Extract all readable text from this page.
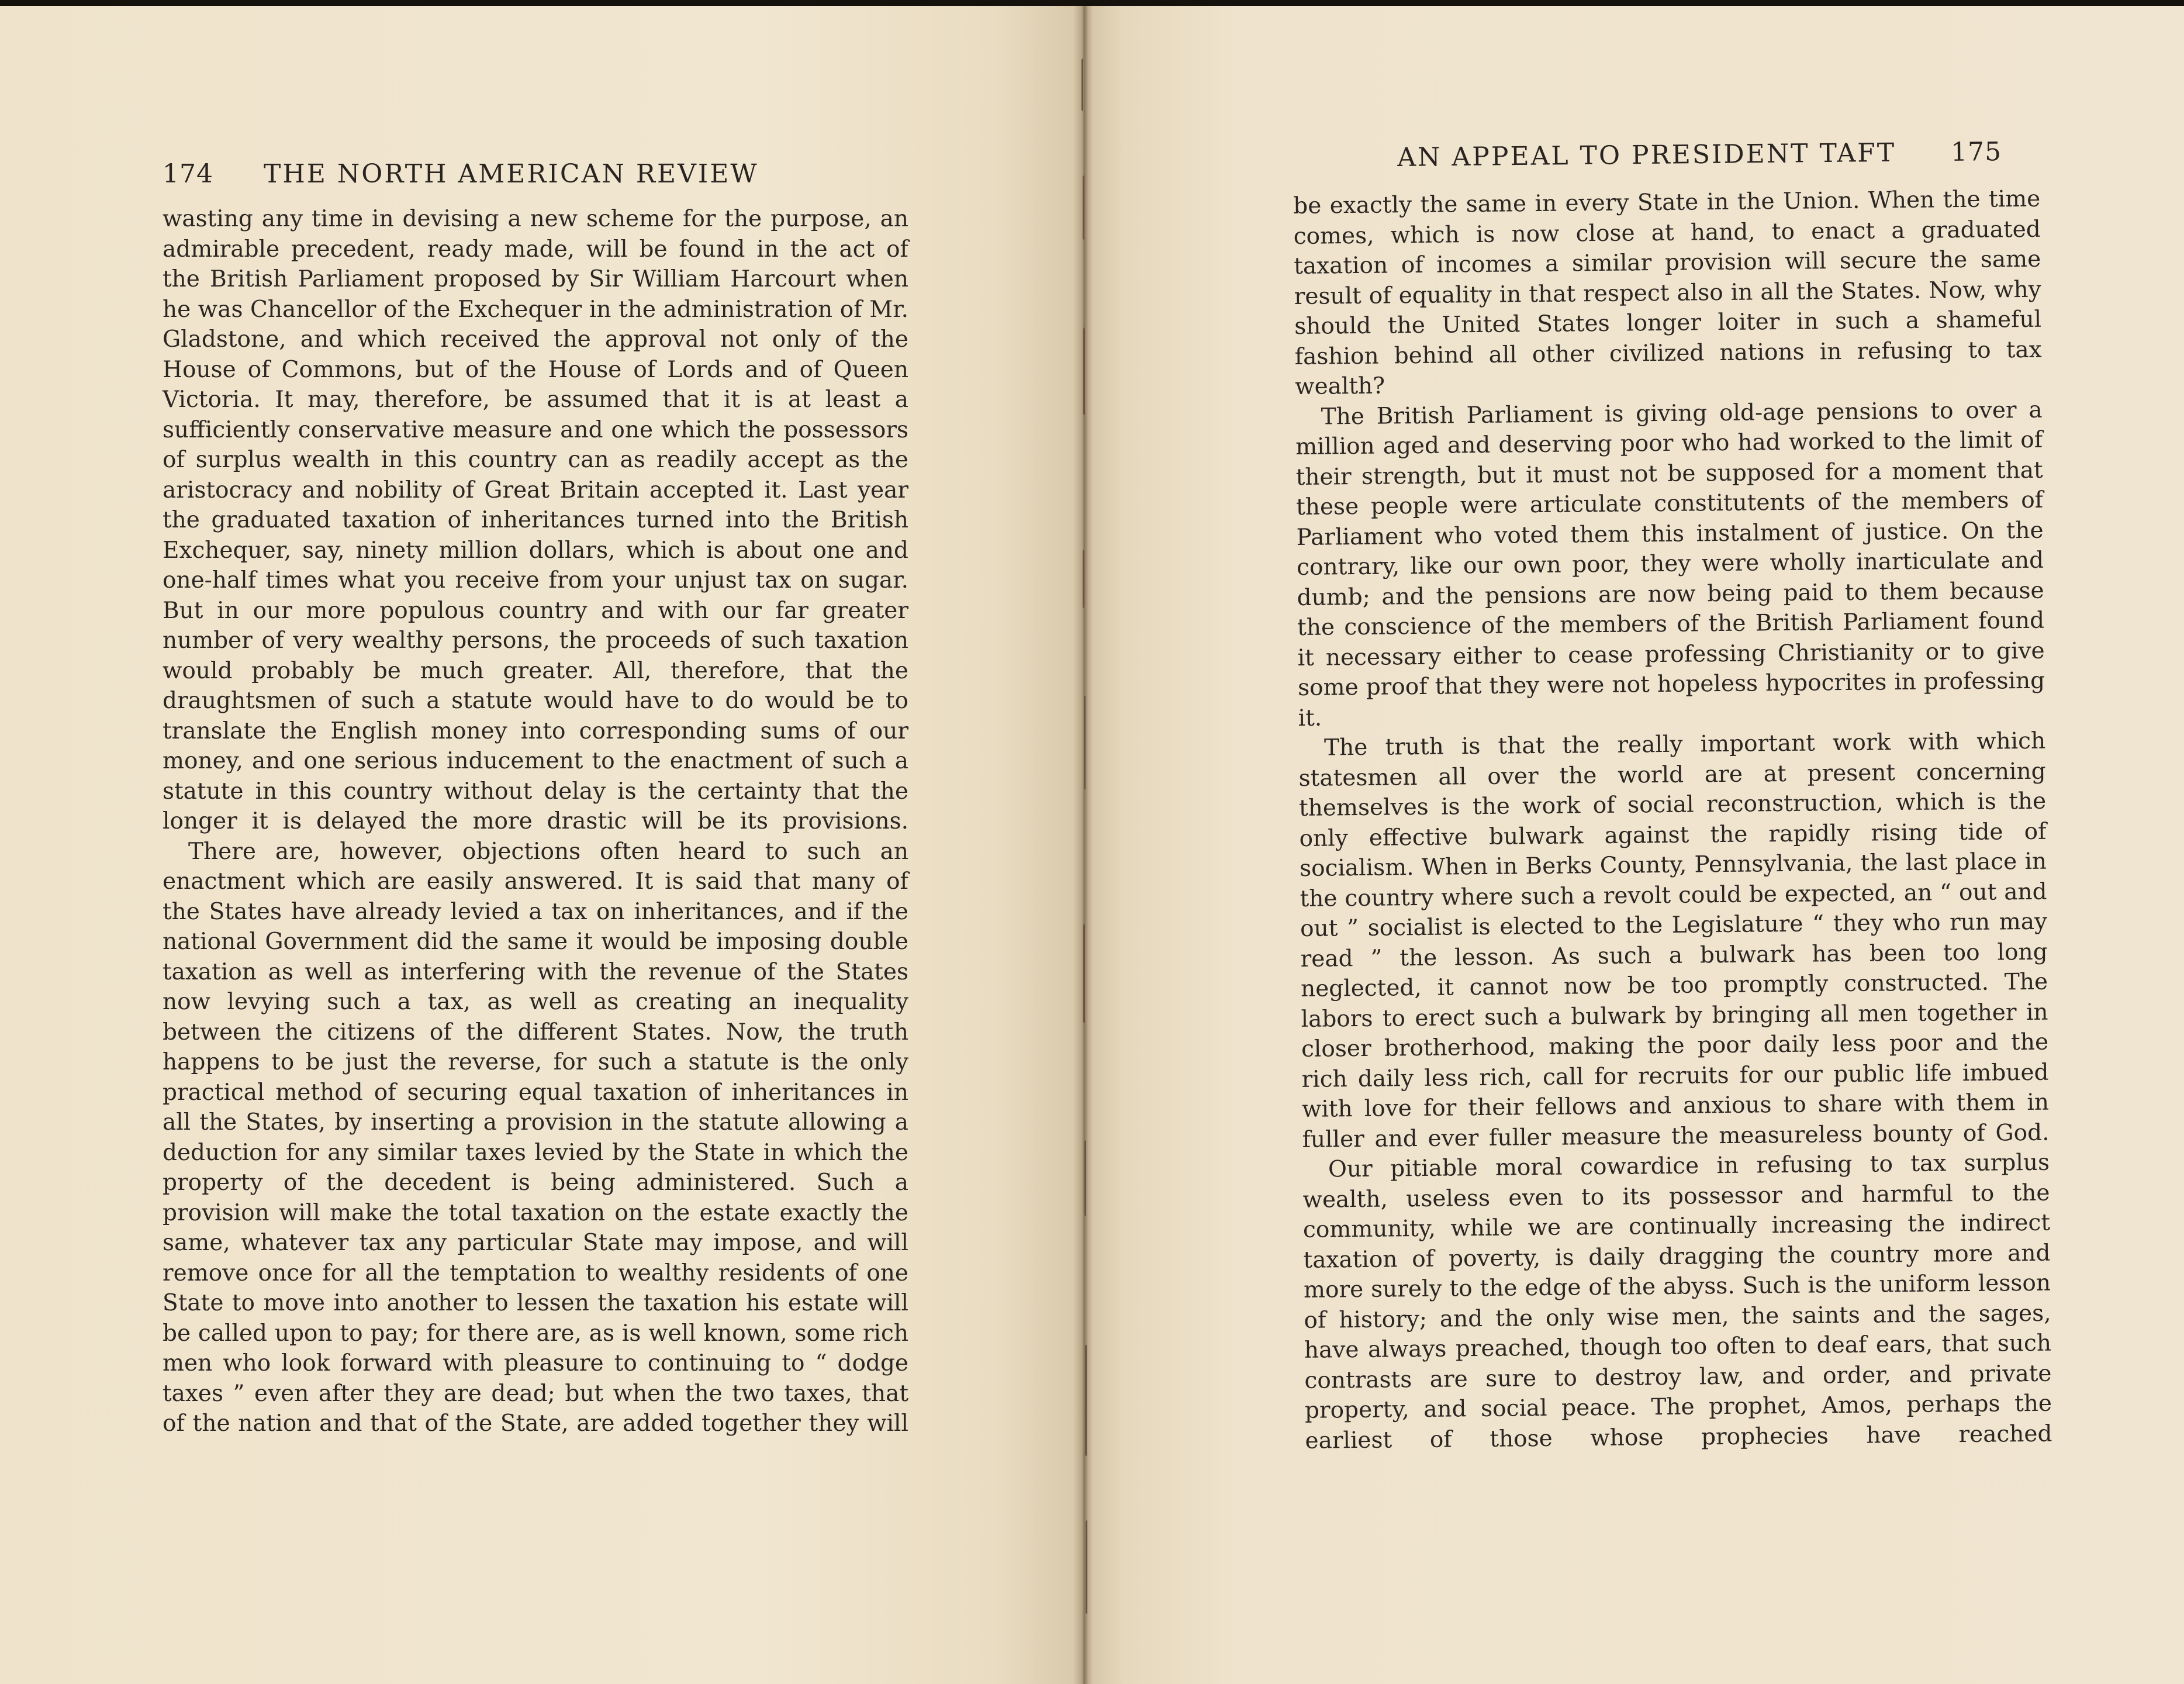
174 THE NORTH AMERICAN REVIEW

wasting any time in devising a new scheme for the purpose, an admirable precedent, ready made, will be found in the act of the British Parliament proposed by Sir William Harcourt when he was Chancellor of the Exchequer in the administration of Mr. Gladstone, and which received the approval not only of the House of Commons, but of the House of Lords and of Queen Victoria. It may, therefore, be assumed that it is at least a sufficiently conservative measure and one which the possessors of surplus wealth in this country can as readily accept as the aristocracy and nobility of Great Britain accepted it. Last year the graduated taxation of inheritances turned into the British Exchequer, say, ninety million dollars, which is about one and one-half times what you receive from your unjust tax on sugar. But in our more populous country and with our far greater number of very wealthy persons, the proceeds of such taxation would probably be much greater. All, therefore, that the draughtsmen of such a statute would have to do would be to translate the English money into corresponding sums of our money, and one serious inducement to the enactment of such a statute in this country without delay is the certainty that the longer it is delayed the more drastic will be its provisions.

There are, however, objections often heard to such an enactment which are easily answered. It is said that many of the States have already levied a tax on inheritances, and if the national Government did the same it would be imposing double taxation as well as interfering with the revenue of the States now levying such a tax, as well as creating an inequality between the citizens of the different States. Now, the truth happens to be just the reverse, for such a statute is the only practical method of securing equal taxation of inheritances in all the States, by inserting a provision in the statute allowing a deduction for any similar taxes levied by the State in which the property of the decedent is being administered. Such a provision will make the total taxation on the estate exactly the same, whatever tax any particular State may impose, and will remove once for all the temptation to wealthy residents of one State to move into another to lessen the taxation his estate will be called upon to pay; for there are, as is well known, some rich men who look forward with pleasure to continuing to “ dodge taxes ” even after they are dead; but when the two taxes, that of the nation and that of the State, are added together they will

AN APPEAL TO PRESIDENT TAFT 175

be exactly the same in every State in the Union. When the time comes, which is now close at hand, to enact a graduated taxation of incomes a similar provision will secure the same result of equality in that respect also in all the States. Now, why should the United States longer loiter in such a shameful fashion behind all other civilized nations in refusing to tax wealth?

The British Parliament is giving old-age pensions to over a million aged and deserving poor who had worked to the limit of their strength, but it must not be supposed for a moment that these people were articulate constitutents of the members of Parliament who voted them this instalment of justice. On the contrary, like our own poor, they were wholly inarticulate and dumb; and the pensions are now being paid to them because the conscience of the members of the British Parliament found it necessary either to cease professing Christianity or to give some proof that they were not hopeless hypocrites in professing it.

The truth is that the really important work with which statesmen all over the world are at present concerning themselves is the work of social reconstruction, which is the only effective bulwark against the rapidly rising tide of socialism. When in Berks County, Pennsylvania, the last place in the country where such a revolt could be expected, an “ out and out ” socialist is elected to the Legislature “ they who run may read ” the lesson. As such a bulwark has been too long neglected, it cannot now be too promptly constructed. The labors to erect such a bulwark by bringing all men together in closer brotherhood, making the poor daily less poor and the rich daily less rich, call for recruits for our public life imbued with love for their fellows and anxious to share with them in fuller and ever fuller measure the measureless bounty of God.

Our pitiable moral cowardice in refusing to tax surplus wealth, useless even to its possessor and harmful to the community, while we are continually increasing the indirect taxation of poverty, is daily dragging the country more and more surely to the edge of the abyss. Such is the uniform lesson of history; and the only wise men, the saints and the sages, have always preached, though too often to deaf ears, that such contrasts are sure to destroy law, and order, and private property, and social peace. The prophet, Amos, perhaps the earliest of those whose prophecies have reached
